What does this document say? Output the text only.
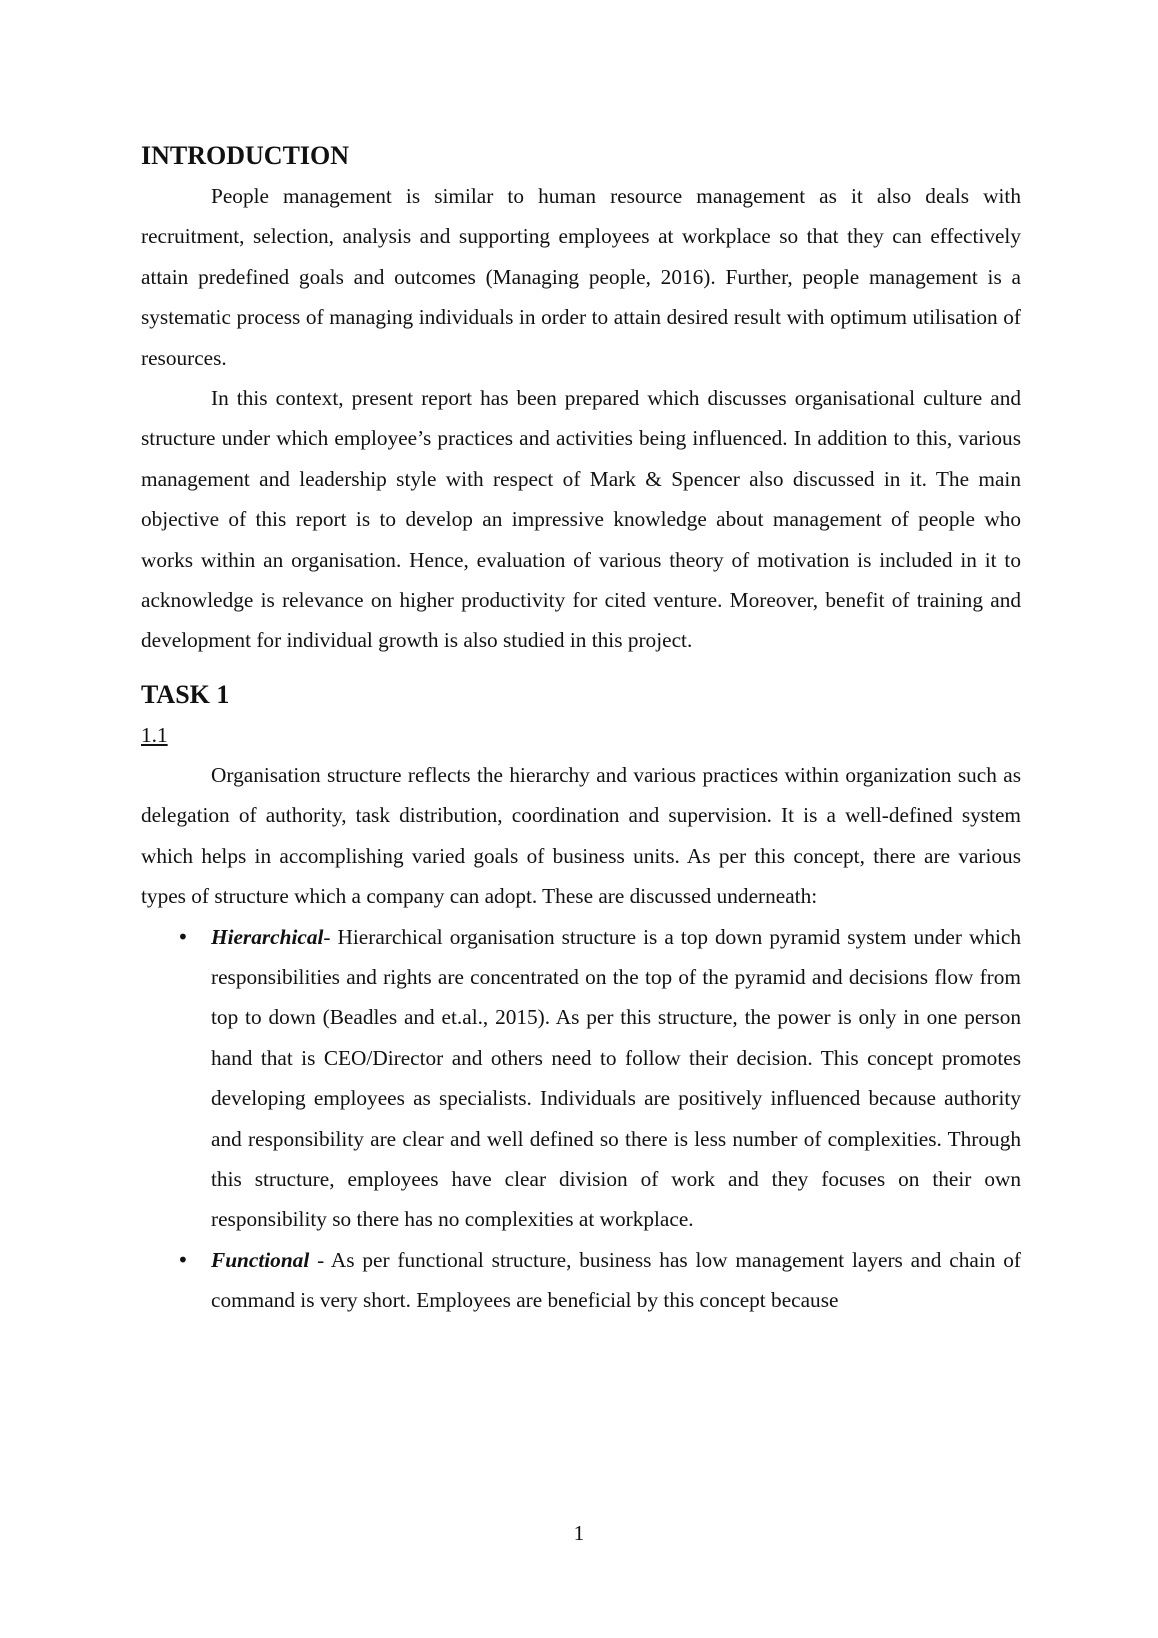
INTRODUCTION

People management is similar to human resource management as it also deals with recruitment, selection, analysis and supporting employees at workplace so that they can effectively attain predefined goals and outcomes (Managing people, 2016). Further, people management is a systematic process of managing individuals in order to attain desired result with optimum utilisation of resources.

In this context, present report has been prepared which discusses organisational culture and structure under which employee’s practices and activities being influenced. In addition to this, various management and leadership style with respect of Mark & Spencer also discussed in it. The main objective of this report is to develop an impressive knowledge about management of people who works within an organisation. Hence, evaluation of various theory of motivation is included in it to acknowledge is relevance on higher productivity for cited venture. Moreover, benefit of training and development for individual growth is also studied in this project.

TASK 1
1.1

Organisation structure reflects the hierarchy and various practices within organization such as delegation of authority, task distribution, coordination and supervision. It is a well-defined system which helps in accomplishing varied goals of business units. As per this concept, there are various types of structure which a company can adopt. These are discussed underneath:

• Hierarchical- Hierarchical organisation structure is a top down pyramid system under which responsibilities and rights are concentrated on the top of the pyramid and decisions flow from top to down (Beadles and et.al., 2015). As per this structure, the power is only in one person hand that is CEO/Director and others need to follow their decision. This concept promotes developing employees as specialists. Individuals are positively influenced because authority and responsibility are clear and well defined so there is less number of complexities. Through this structure, employees have clear division of work and they focuses on their own responsibility so there has no complexities at workplace.
• Functional - As per functional structure, business has low management layers and chain of command is very short. Employees are beneficial by this concept because
1
